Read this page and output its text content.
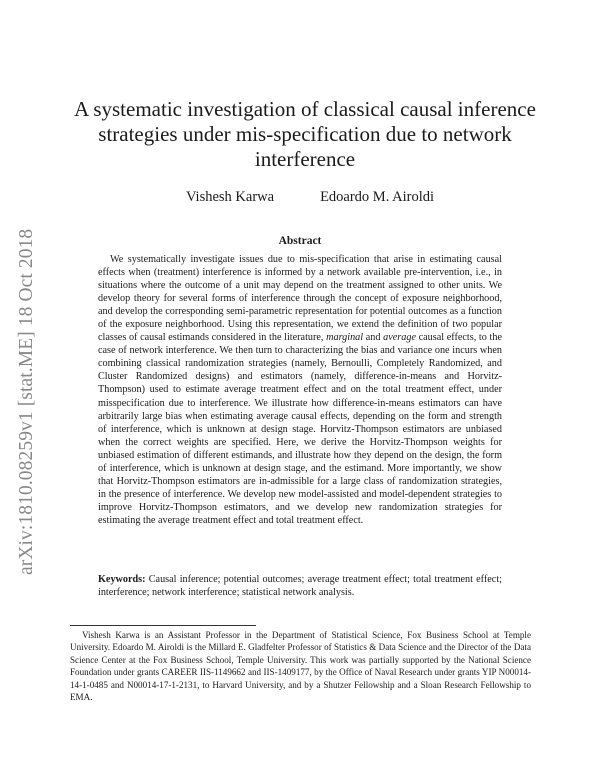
arXiv:1810.08259v1 [stat.ME] 18 Oct 2018
A systematic investigation of classical causal inference strategies under mis-specification due to network interference
Vishesh Karwa	Edoardo M. Airoldi
Abstract

We systematically investigate issues due to mis-specification that arise in estimating causal effects when (treatment) interference is informed by a network available pre-intervention, i.e., in situations where the outcome of a unit may depend on the treatment assigned to other units. We develop theory for several forms of interference through the concept of exposure neighborhood, and develop the corresponding semi-parametric representation for potential outcomes as a function of the exposure neighborhood. Using this representation, we extend the definition of two popular classes of causal estimands considered in the literature, marginal and average causal effects, to the case of network interference. We then turn to characterizing the bias and variance one incurs when combining classical randomization strategies (namely, Bernoulli, Completely Randomized, and Cluster Randomized designs) and estimators (namely, difference-in-means and Horvitz-Thompson) used to estimate average treatment effect and on the total treatment effect, under misspecification due to interference. We illustrate how difference-in-means estimators can have arbitrarily large bias when estimating average causal effects, depending on the form and strength of interference, which is unknown at design stage. Horvitz-Thompson estimators are unbiased when the correct weights are specified. Here, we derive the Horvitz-Thompson weights for unbiased estimation of different estimands, and illustrate how they depend on the design, the form of interference, which is unknown at design stage, and the estimand. More importantly, we show that Horvitz-Thompson estimators are in-admissible for a large class of randomization strategies, in the presence of interference. We develop new model-assisted and model-dependent strategies to improve Horvitz-Thompson estimators, and we develop new randomization strategies for estimating the average treatment effect and total treatment effect.

Keywords: Causal inference; potential outcomes; average treatment effect; total treatment effect; interference; network interference; statistical network analysis.

Vishesh Karwa is an Assistant Professor in the Department of Statistical Science, Fox Business School at Temple University. Edoardo M. Airoldi is the Millard E. Gladfelter Professor of Statistics & Data Science and the Director of the Data Science Center at the Fox Business School, Temple University. This work was partially supported by the National Science Foundation under grants CAREER IIS-1149662 and IIS-1409177, by the Office of Naval Research under grants YIP N00014-14-1-0485 and N00014-17-1-2131, to Harvard University, and by a Shutzer Fellowship and a Sloan Research Fellowship to EMA.
